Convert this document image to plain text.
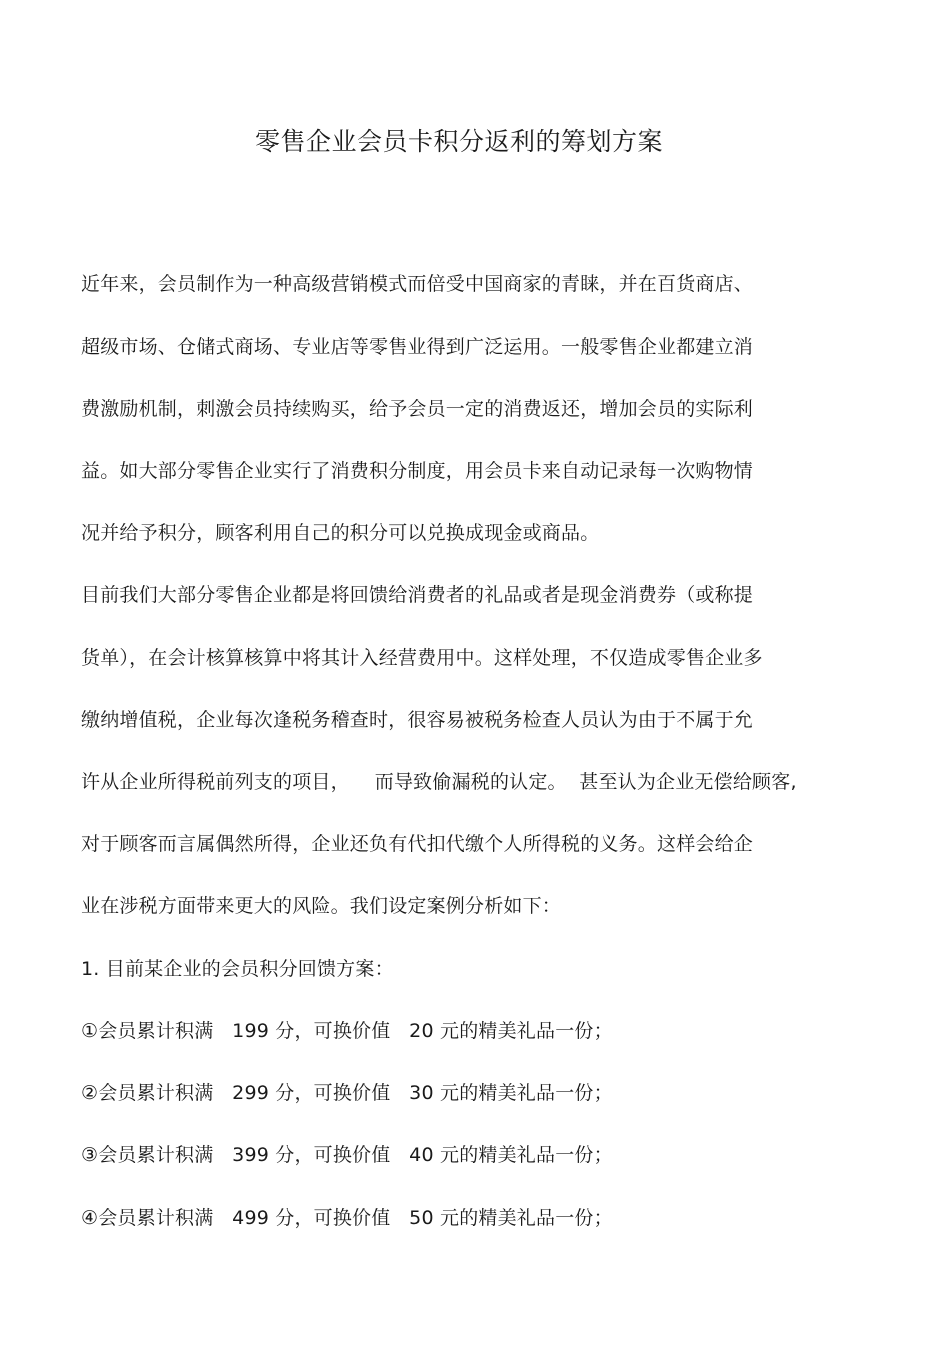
零售企业会员卡积分返利的筹划方案
近年来，会员制作为一种高级营销模式而倍受中国商家的青睐，并在百货商店、
超级市场、仓储式商场、专业店等零售业得到广泛运用。一般零售企业都建立消
费激励机制，刺激会员持续购买，给予会员一定的消费返还，增加会员的实际利
益。如大部分零售企业实行了消费积分制度，用会员卡来自动记录每一次购物情
况并给予积分，顾客利用自己的积分可以兑换成现金或商品。
目前我们大部分零售企业都是将回馈给消费者的礼品或者是现金消费券（或称提
货单），在会计核算核算中将其计入经营费用中。这样处理，不仅造成零售企业多
缴纳增值税，企业每次逢税务稽查时，很容易被税务检查人员认为由于不属于允
许从企业所得税前列支的项目，    而导致偷漏税的认定。  甚至认为企业无偿给顾客,
对于顾客而言属偶然所得，企业还负有代扣代缴个人所得税的义务。这样会给企
业在涉税方面带来更大的风险。我们设定案例分析如下：
1. 目前某企业的会员积分回馈方案：
①会员累计积满   199 分，可换价值   20 元的精美礼品一份；
②会员累计积满   299 分，可换价值   30 元的精美礼品一份；
③会员累计积满   399 分，可换价值   40 元的精美礼品一份；
④会员累计积满   499 分，可换价值   50 元的精美礼品一份；
